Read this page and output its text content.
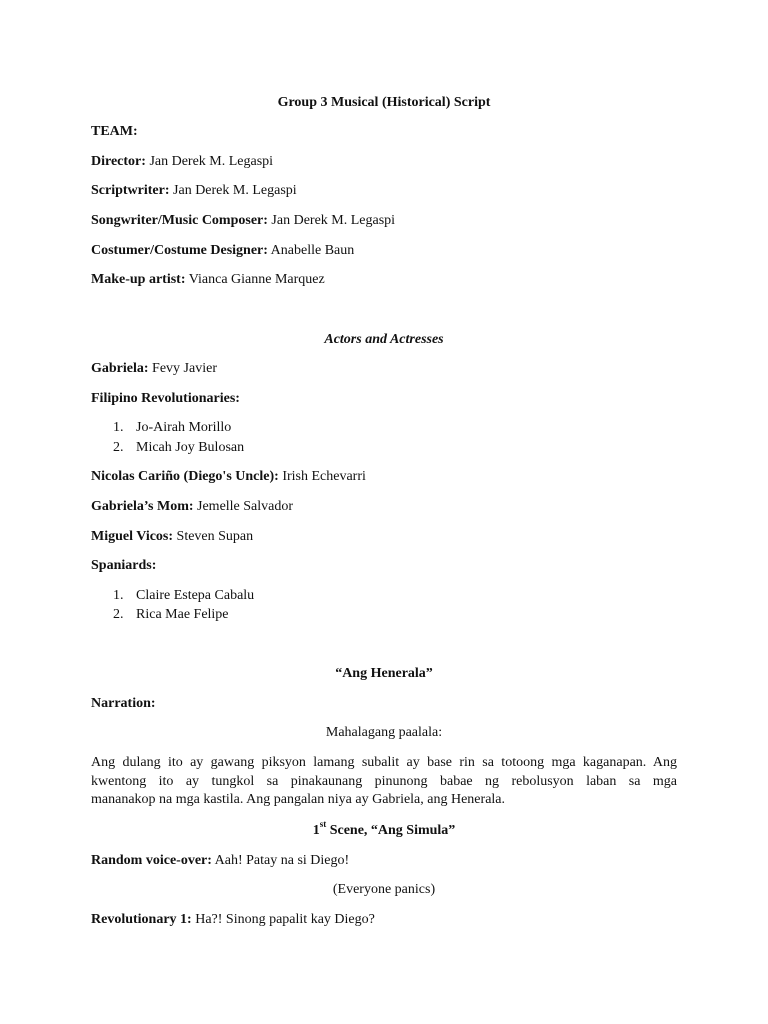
Group 3 Musical (Historical) Script
TEAM:
Director: Jan Derek M. Legaspi
Scriptwriter: Jan Derek M. Legaspi
Songwriter/Music Composer: Jan Derek M. Legaspi
Costumer/Costume Designer: Anabelle Baun
Make-up artist: Vianca Gianne Marquez
Actors and Actresses
Gabriela: Fevy Javier
Filipino Revolutionaries:
1. Jo-Airah Morillo
2. Micah Joy Bulosan
Nicolas Cariño (Diego's Uncle): Irish Echevarri
Gabriela’s Mom: Jemelle Salvador
Miguel Vicos: Steven Supan
Spaniards:
1. Claire Estepa Cabalu
2. Rica Mae Felipe
“Ang Henerala”
Narration:
Mahalagang paalala:
Ang dulang ito ay gawang piksyon lamang subalit ay base rin sa totoong mga kaganapan. Ang
kwentong ito ay tungkol sa pinakaunang pinunong babae ng rebolusyon laban sa mga
mananakop na mga kastila. Ang pangalan niya ay Gabriela, ang Henerala.
1st Scene, “Ang Simula”
Random voice-over: Aah! Patay na si Diego!
(Everyone panics)
Revolutionary 1: Ha?! Sinong papalit kay Diego?
